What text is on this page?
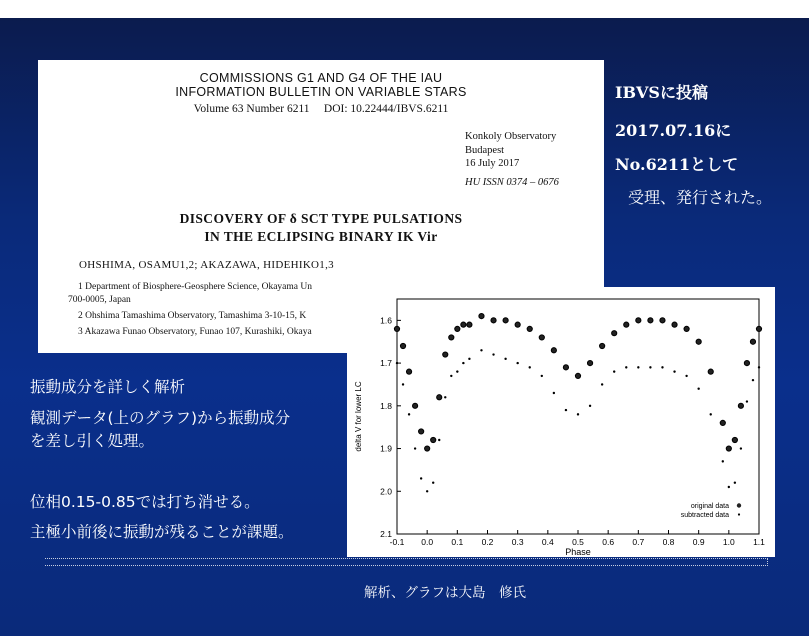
COMMISSIONS G1 AND G4 OF THE IAU
INFORMATION BULLETIN ON VARIABLE STARS
Volume 63 Number 6211     DOI: 10.22444/IBVS.6211
Konkoly Observatory
Budapest
16 July 2017
HU ISSN 0374 – 0676
DISCOVERY OF δ SCT TYPE PULSATIONS
IN THE ECLIPSING BINARY IK Vir
OHSHIMA, OSAMU1,2; AKAZAWA, HIDEHIKO1,3
1 Department of Biosphere-Geosphere Science, Okayama Un
700-0005, Japan
2 Ohshima Tamashima Observatory, Tamashima 3-10-15, K
3 Akazawa Funao Observatory, Funao 107, Kurashiki, Okaya
IBVSに投稿
2017.07.16に
No.6211として
受理、発行された。
振動成分を詳しく解析
観測データ(上のグラフ)から振動成分
を差し引く処理。
位相0.15-0.85では打ち消せる。
主極小前後に振動が残ることが課題。
-0.1 0.0 0.1 0.2 0.3 0.4 0.5 0.6 0.7 0.8 0.9 1.0 1.1
1.6
1.7
1.8
1.9
2.0
2.1
Phase
delta V for lower LC
original data
subtracted data
解析、グラフは大島　修氏
